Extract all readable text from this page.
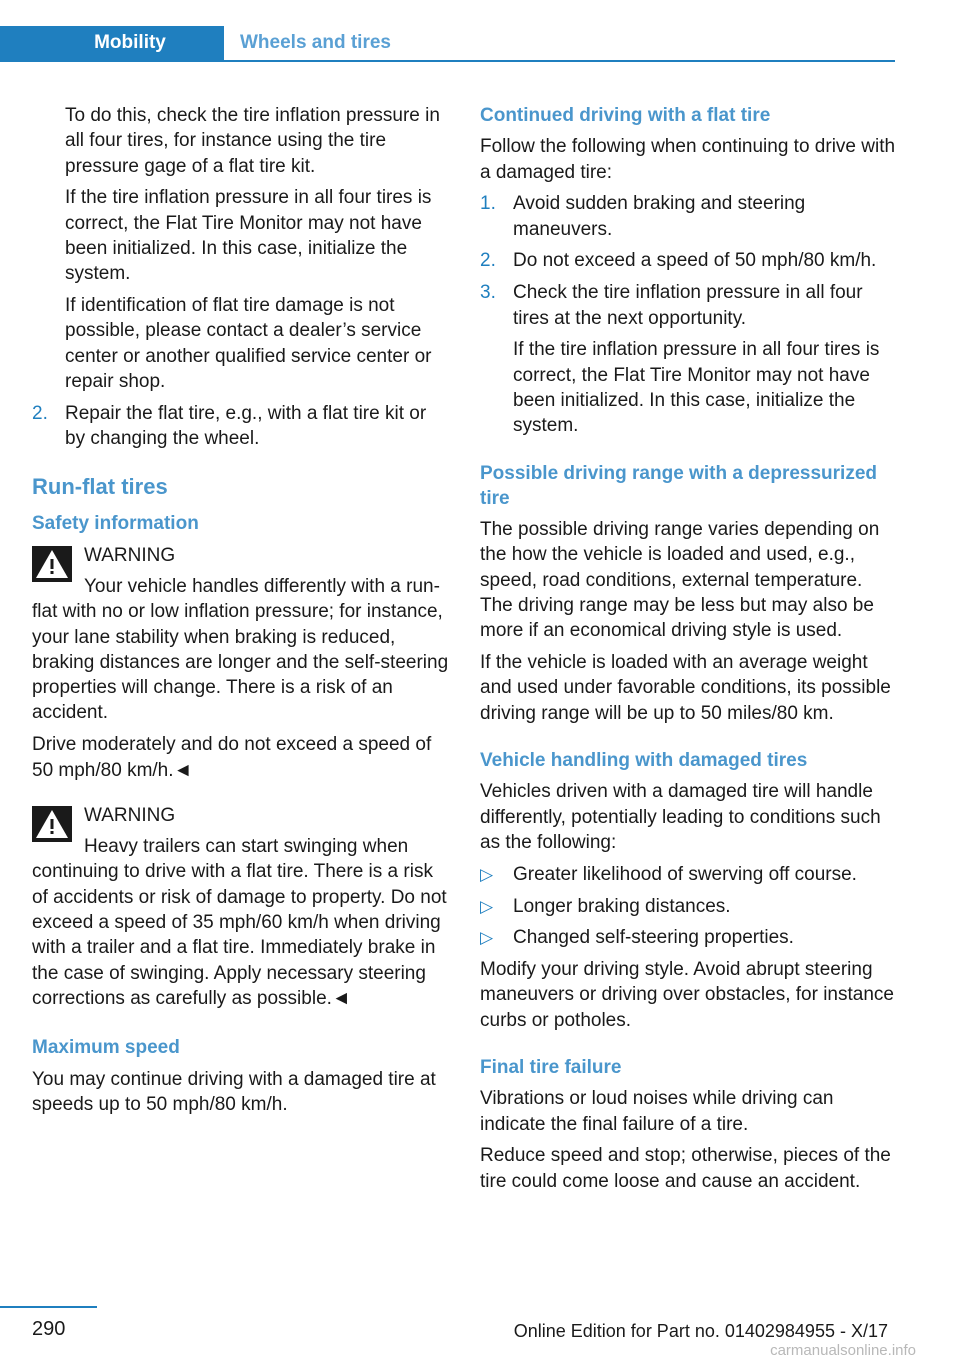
Mobility	Wheels and tires

To do this, check the tire inflation pressure in all four tires, for instance using the tire pressure gage of a flat tire kit.

If the tire inflation pressure in all four tires is correct, the Flat Tire Monitor may not have been initialized. In this case, initialize the system.

If identification of flat tire damage is not possible, please contact a dealer’s service center or another qualified service center or repair shop.

2. Repair the flat tire, e.g., with a flat tire kit or by changing the wheel.

Run-flat tires
Safety information
WARNING

Your vehicle handles differently with a run-flat with no or low inflation pressure; for instance, your lane stability when braking is reduced, braking distances are longer and the self-steering properties will change. There is a risk of an accident.

Drive moderately and do not exceed a speed of 50 mph/80 km/h.◄

WARNING

Heavy trailers can start swinging when continuing to drive with a flat tire. There is a risk of accidents or risk of damage to property. Do not exceed a speed of 35 mph/60 km/h when driving with a trailer and a flat tire. Immediately brake in the case of swinging. Apply necessary steering corrections as carefully as possible.◄

Maximum speed

You may continue driving with a damaged tire at speeds up to 50 mph/80 km/h.

Continued driving with a flat tire

Follow the following when continuing to drive with a damaged tire:

1. Avoid sudden braking and steering maneuvers.

2. Do not exceed a speed of 50 mph/80 km/h.

3. Check the tire inflation pressure in all four tires at the next opportunity.

If the tire inflation pressure in all four tires is correct, the Flat Tire Monitor may not have been initialized. In this case, initialize the system.

Possible driving range with a depressurized tire

The possible driving range varies depending on the how the vehicle is loaded and used, e.g., speed, road conditions, external temperature. The driving range may be less but may also be more if an economical driving style is used.

If the vehicle is loaded with an average weight and used under favorable conditions, its possible driving range will be up to 50 miles/80 km.

Vehicle handling with damaged tires

Vehicles driven with a damaged tire will handle differently, potentially leading to conditions such as the following:

▷ Greater likelihood of swerving off course.
▷ Longer braking distances.
▷ Changed self-steering properties.

Modify your driving style. Avoid abrupt steering maneuvers or driving over obstacles, for instance curbs or potholes.

Final tire failure

Vibrations or loud noises while driving can indicate the final failure of a tire.

Reduce speed and stop; otherwise, pieces of the tire could come loose and cause an accident.

290	Online Edition for Part no. 01402984955 - X/17
carmanualsonline.info
